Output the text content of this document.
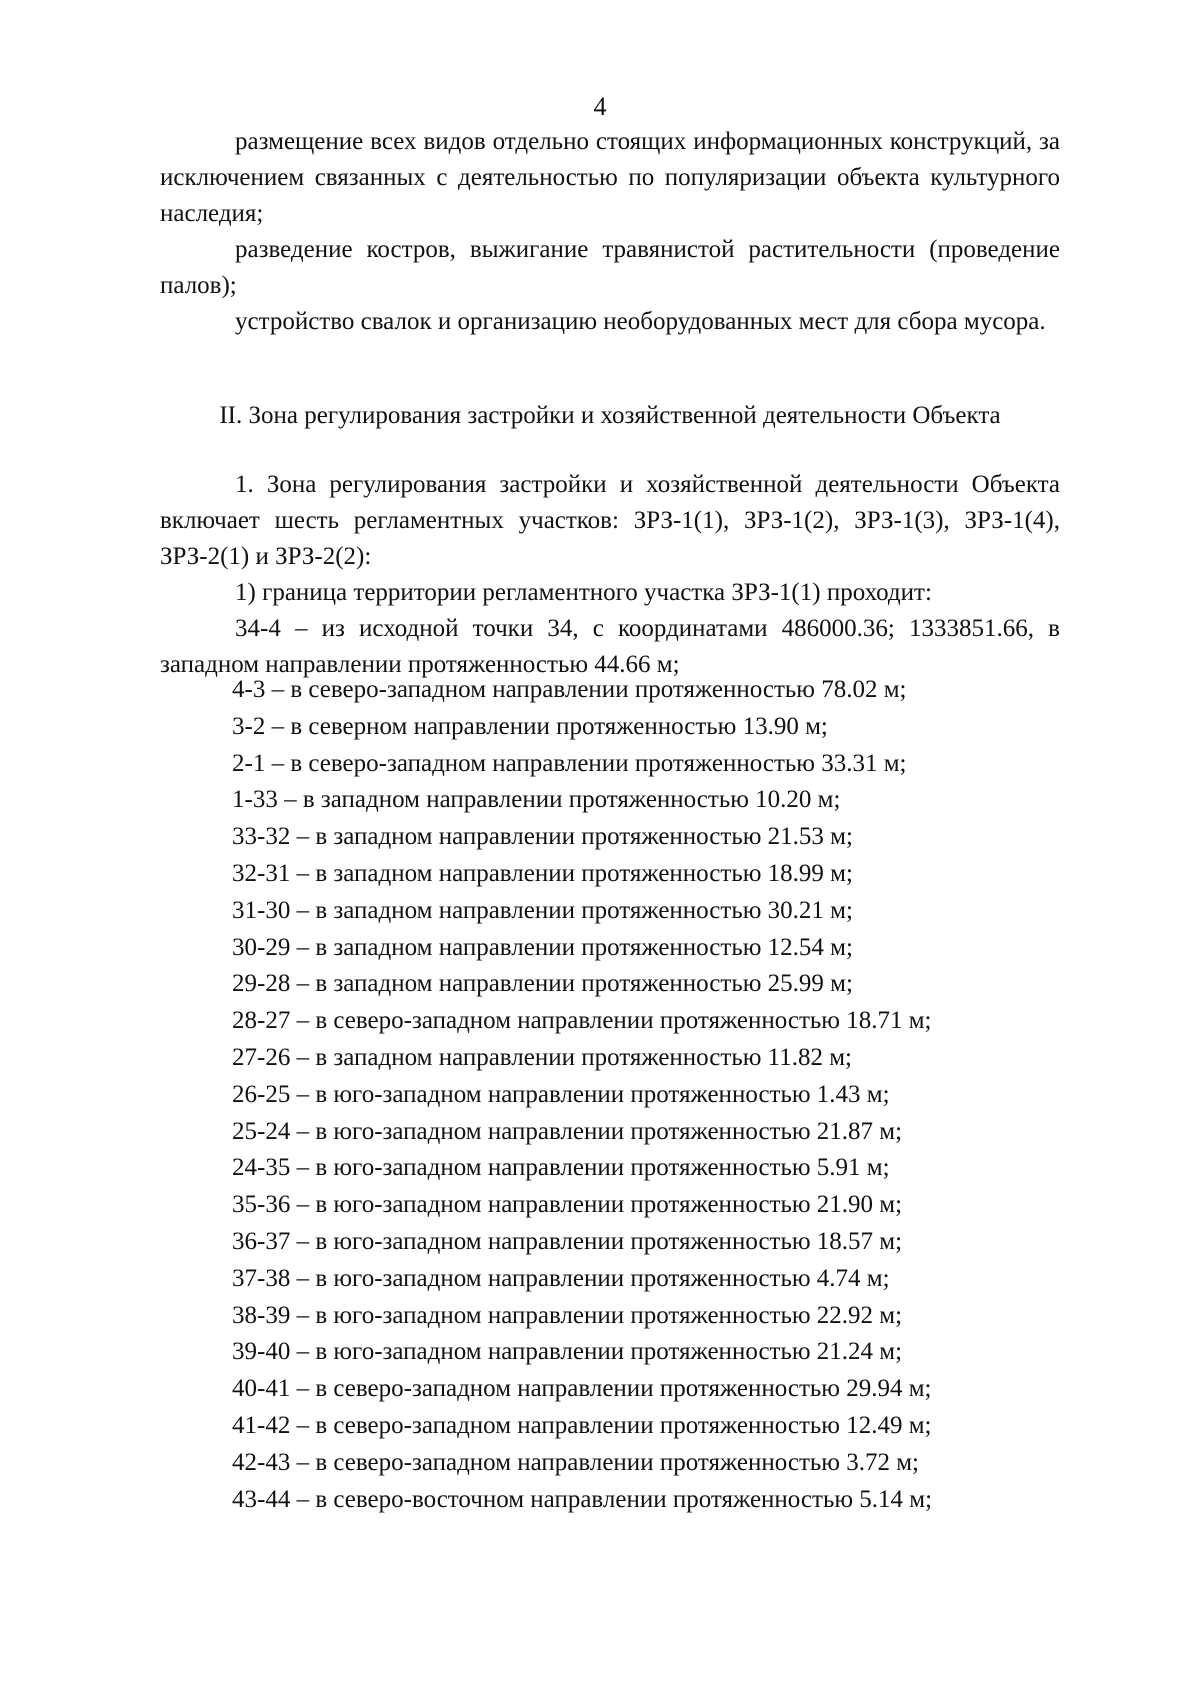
4

размещение всех видов отдельно стоящих информационных конструкций, за исключением связанных с деятельностью по популяризации объекта культурного наследия;

разведение костров, выжигание травянистой растительности (проведение палов);

устройство свалок и организацию необорудованных мест для сбора мусора.

II. Зона регулирования застройки и хозяйственной деятельности Объекта

1. Зона регулирования застройки и хозяйственной деятельности Объекта включает шесть регламентных участков: ЗРЗ-1(1), ЗРЗ-1(2), ЗРЗ-1(3), ЗРЗ-1(4), ЗРЗ-2(1) и ЗРЗ-2(2):

1) граница территории регламентного участка ЗРЗ-1(1) проходит:

34-4 – из исходной точки 34, с координатами 486000.36; 1333851.66, в западном направлении протяженностью 44.66 м;

4-3 – в северо-западном направлении протяженностью 78.02 м;
3-2 – в северном направлении протяженностью 13.90 м;
2-1 – в северо-западном направлении протяженностью 33.31 м;
1-33 – в западном направлении протяженностью 10.20 м;
33-32 – в западном направлении протяженностью 21.53 м;
32-31 – в западном направлении протяженностью 18.99 м;
31-30 – в западном направлении протяженностью 30.21 м;
30-29 – в западном направлении протяженностью 12.54 м;
29-28 – в западном направлении протяженностью 25.99 м;
28-27 – в северо-западном направлении протяженностью 18.71 м;
27-26 – в западном направлении протяженностью 11.82 м;
26-25 – в юго-западном направлении протяженностью 1.43 м;
25-24 – в юго-западном направлении протяженностью 21.87 м;
24-35 – в юго-западном направлении протяженностью 5.91 м;
35-36 – в юго-западном направлении протяженностью 21.90 м;
36-37 – в юго-западном направлении протяженностью 18.57 м;
37-38 – в юго-западном направлении протяженностью 4.74 м;
38-39 – в юго-западном направлении протяженностью 22.92 м;
39-40 – в юго-западном направлении протяженностью 21.24 м;
40-41 – в северо-западном направлении протяженностью 29.94 м;
41-42 – в северо-западном направлении протяженностью 12.49 м;
42-43 – в северо-западном направлении протяженностью 3.72 м;
43-44 – в северо-восточном направлении протяженностью 5.14 м;
